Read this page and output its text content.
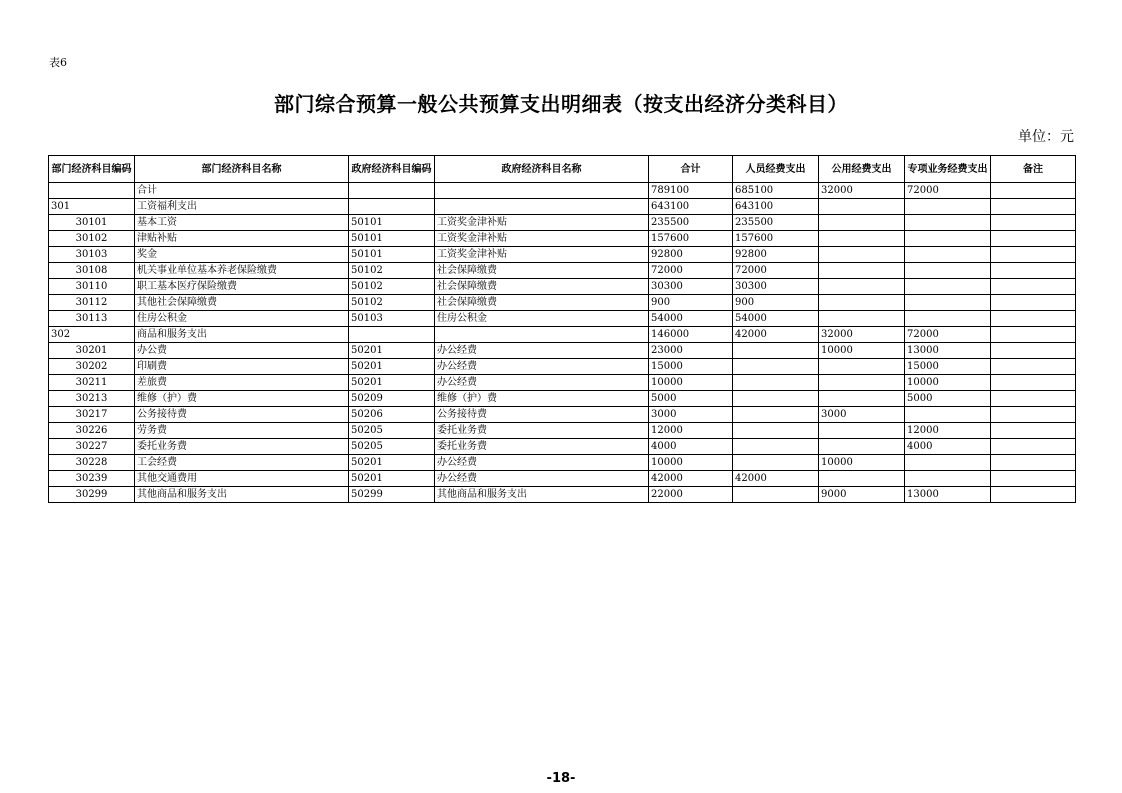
表6
部门综合预算一般公共预算支出明细表（按支出经济分类科目）
单位：元
部门经济科目编码	部门经济科目名称	政府经济科目编码	政府经济科目名称	合计	人员经费支出	公用经费支出	专项业务经费支出	备注
	合计			789100	685100	32000	72000	
301	工资福利支出			643100	643100			
30101	基本工资	50101	工资奖金津补贴	235500	235500			
30102	津贴补贴	50101	工资奖金津补贴	157600	157600			
30103	奖金	50101	工资奖金津补贴	92800	92800			
30108	机关事业单位基本养老保险缴费	50102	社会保障缴费	72000	72000			
30110	职工基本医疗保险缴费	50102	社会保障缴费	30300	30300			
30112	其他社会保障缴费	50102	社会保障缴费	900	900			
30113	住房公积金	50103	住房公积金	54000	54000			
302	商品和服务支出			146000	42000	32000	72000	
30201	办公费	50201	办公经费	23000		10000	13000	
30202	印刷费	50201	办公经费	15000			15000	
30211	差旅费	50201	办公经费	10000			10000	
30213	维修（护）费	50209	维修（护）费	5000			5000	
30217	公务接待费	50206	公务接待费	3000		3000		
30226	劳务费	50205	委托业务费	12000			12000	
30227	委托业务费	50205	委托业务费	4000			4000	
30228	工会经费	50201	办公经费	10000		10000		
30239	其他交通费用	50201	办公经费	42000	42000			
30299	其他商品和服务支出	50299	其他商品和服务支出	22000		9000	13000	
-18-
